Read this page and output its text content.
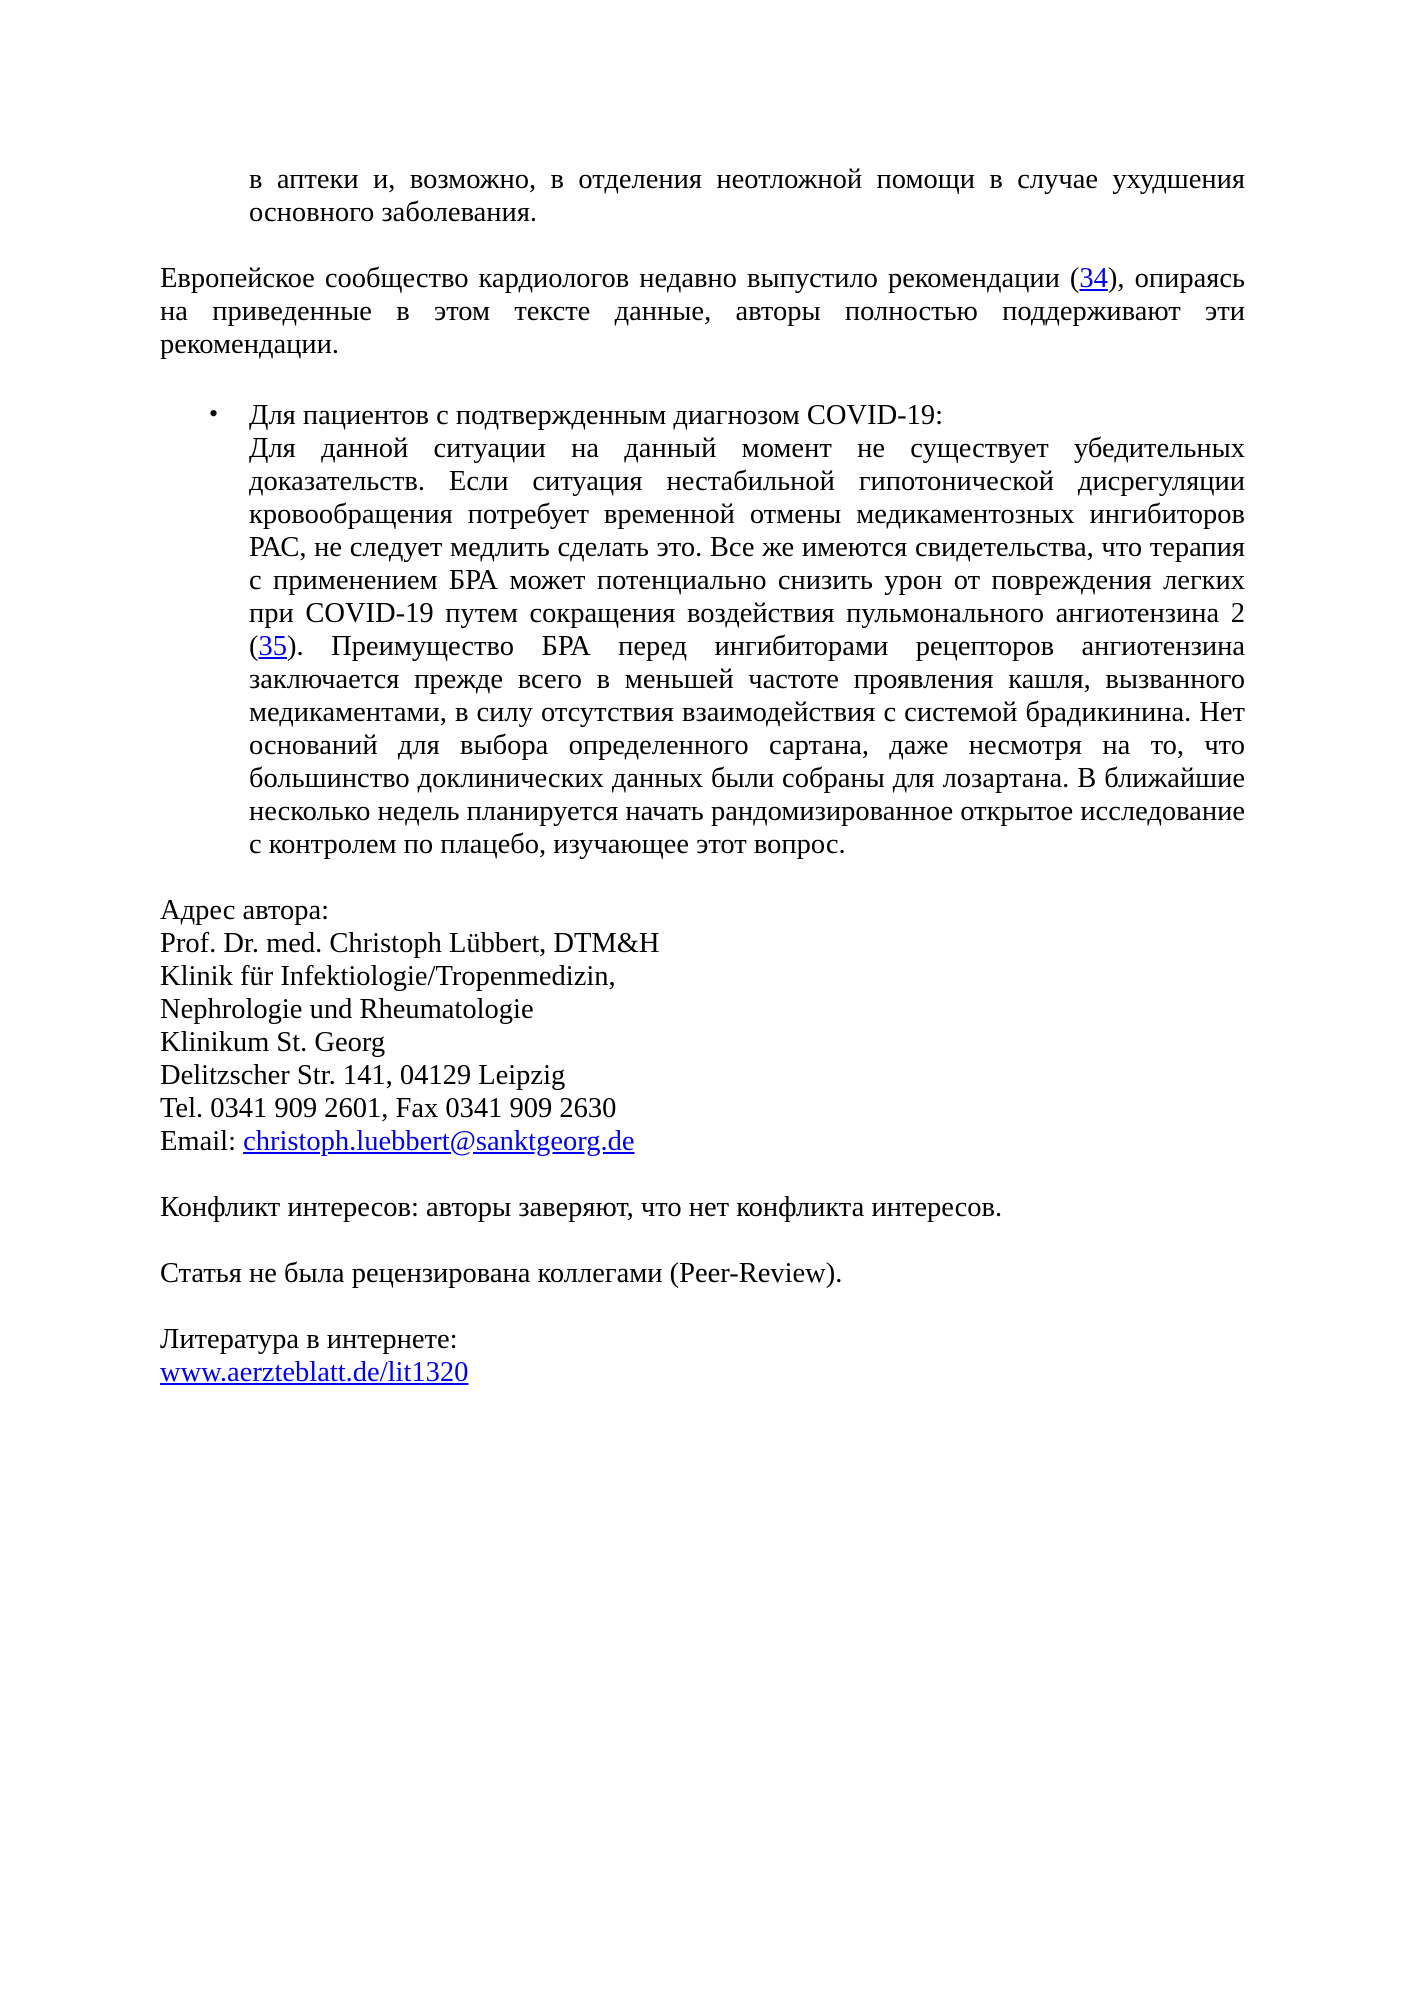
в аптеки и, возможно, в отделения неотложной помощи в случае ухудшения основного заболевания.

Европейское сообщество кардиологов недавно выпустило рекомендации (34), опираясь на приведенные в этом тексте данные, авторы полностью поддерживают эти рекомендации.

• Для пациентов с подтвержденным диагнозом COVID-19:

Для данной ситуации на данный момент не существует убедительных доказательств. Если ситуация нестабильной гипотонической дисрегуляции кровообращения потребует временной отмены медикаментозных ингибиторов РАС, не следует медлить сделать это. Все же имеются свидетельства, что терапия с применением БРА может потенциально снизить урон от повреждения легких при COVID-19 путем сокращения воздействия пульмонального ангиотензина 2 (35). Преимущество БРА перед ингибиторами рецепторов ангиотензина заключается прежде всего в меньшей частоте проявления кашля, вызванного медикаментами, в силу отсутствия взаимодействия с системой брадикинина. Нет оснований для выбора определенного сартана, даже несмотря на то, что большинство доклинических данных были собраны для лозартана. В ближайшие несколько недель планируется начать рандомизированное открытое исследование с контролем по плацебо, изучающее этот вопрос.

Адрес автора:

Prof. Dr. med. Christoph Lübbert, DTM&H

Klinik für Infektiologie/Tropenmedizin,

Nephrologie und Rheumatologie

Klinikum St. Georg

Delitzscher Str. 141, 04129 Leipzig

Tel. 0341 909 2601, Fax 0341 909 2630

Email: christoph.luebbert@sanktgeorg.de

Конфликт интересов: авторы заверяют, что нет конфликта интересов.

Статья не была рецензирована коллегами (Peer-Review).

Литература в интернете:

www.aerzteblatt.de/lit1320
